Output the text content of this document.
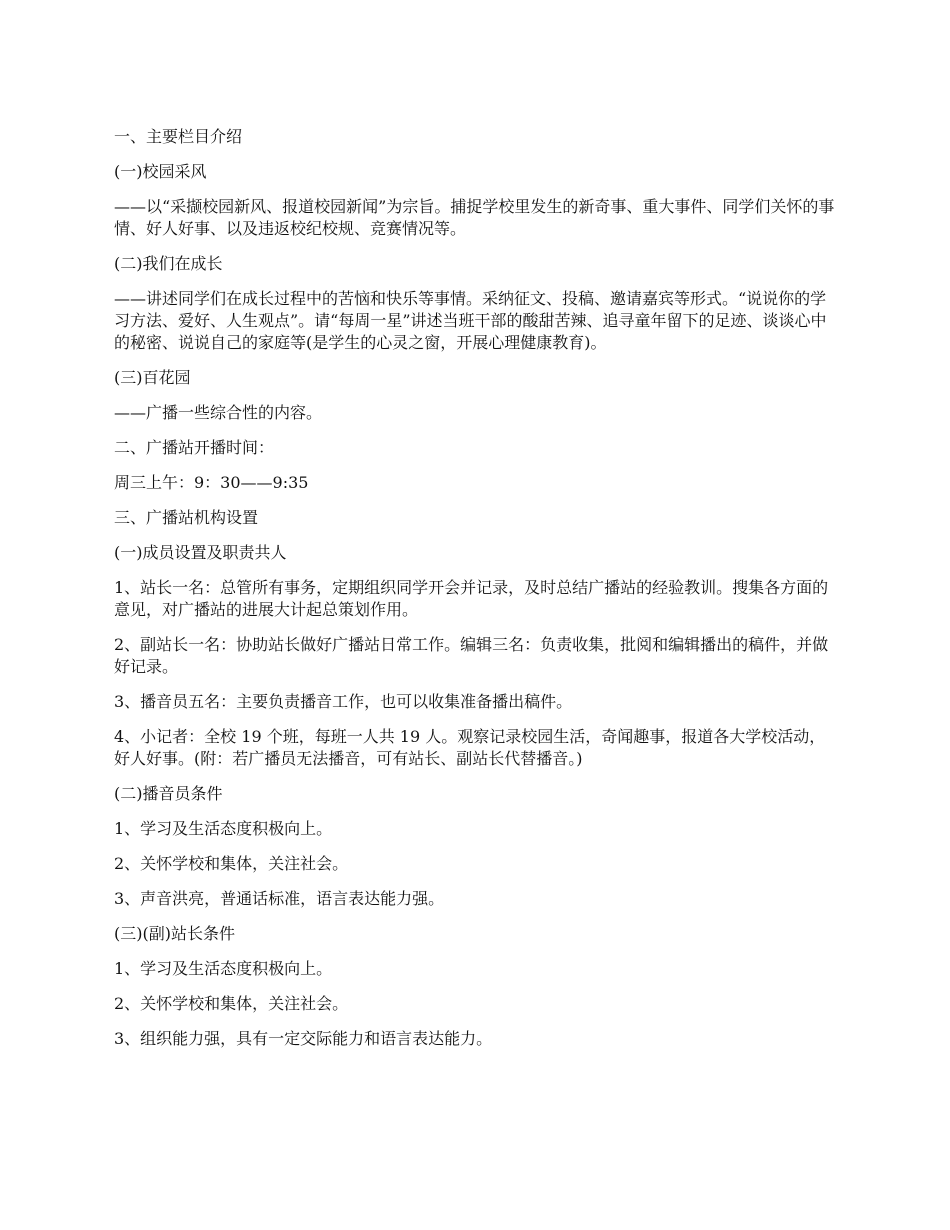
一、主要栏目介绍

(一)校园采风

——以“采撷校园新风、报道校园新闻”为宗旨。捕捉学校里发生的新奇事、重大事件、同学们关怀的事情、好人好事、以及违返校纪校规、竞赛情况等。

(二)我们在成长

——讲述同学们在成长过程中的苦恼和快乐等事情。采纳征文、投稿、邀请嘉宾等形式。“说说你的学习方法、爱好、人生观点”。请“每周一星”讲述当班干部的酸甜苦辣、追寻童年留下的足迹、谈谈心中的秘密、说说自己的家庭等(是学生的心灵之窗，开展心理健康教育)。

(三)百花园

——广播一些综合性的内容。

二、广播站开播时间：

周三上午：9：30——9:35

三、广播站机构设置

(一)成员设置及职责共人

1、站长一名：总管所有事务，定期组织同学开会并记录，及时总结广播站的经验教训。搜集各方面的意见，对广播站的进展大计起总策划作用。

2、副站长一名：协助站长做好广播站日常工作。编辑三名：负责收集，批阅和编辑播出的稿件，并做好记录。

3、播音员五名：主要负责播音工作，也可以收集准备播出稿件。

4、小记者：全校 19 个班，每班一人共 19 人。观察记录校园生活，奇闻趣事，报道各大学校活动，好人好事。(附：若广播员无法播音，可有站长、副站长代替播音。)

(二)播音员条件

1、学习及生活态度积极向上。

2、关怀学校和集体，关注社会。

3、声音洪亮，普通话标准，语言表达能力强。

(三)(副)站长条件

1、学习及生活态度积极向上。

2、关怀学校和集体，关注社会。

3、组织能力强，具有一定交际能力和语言表达能力。
